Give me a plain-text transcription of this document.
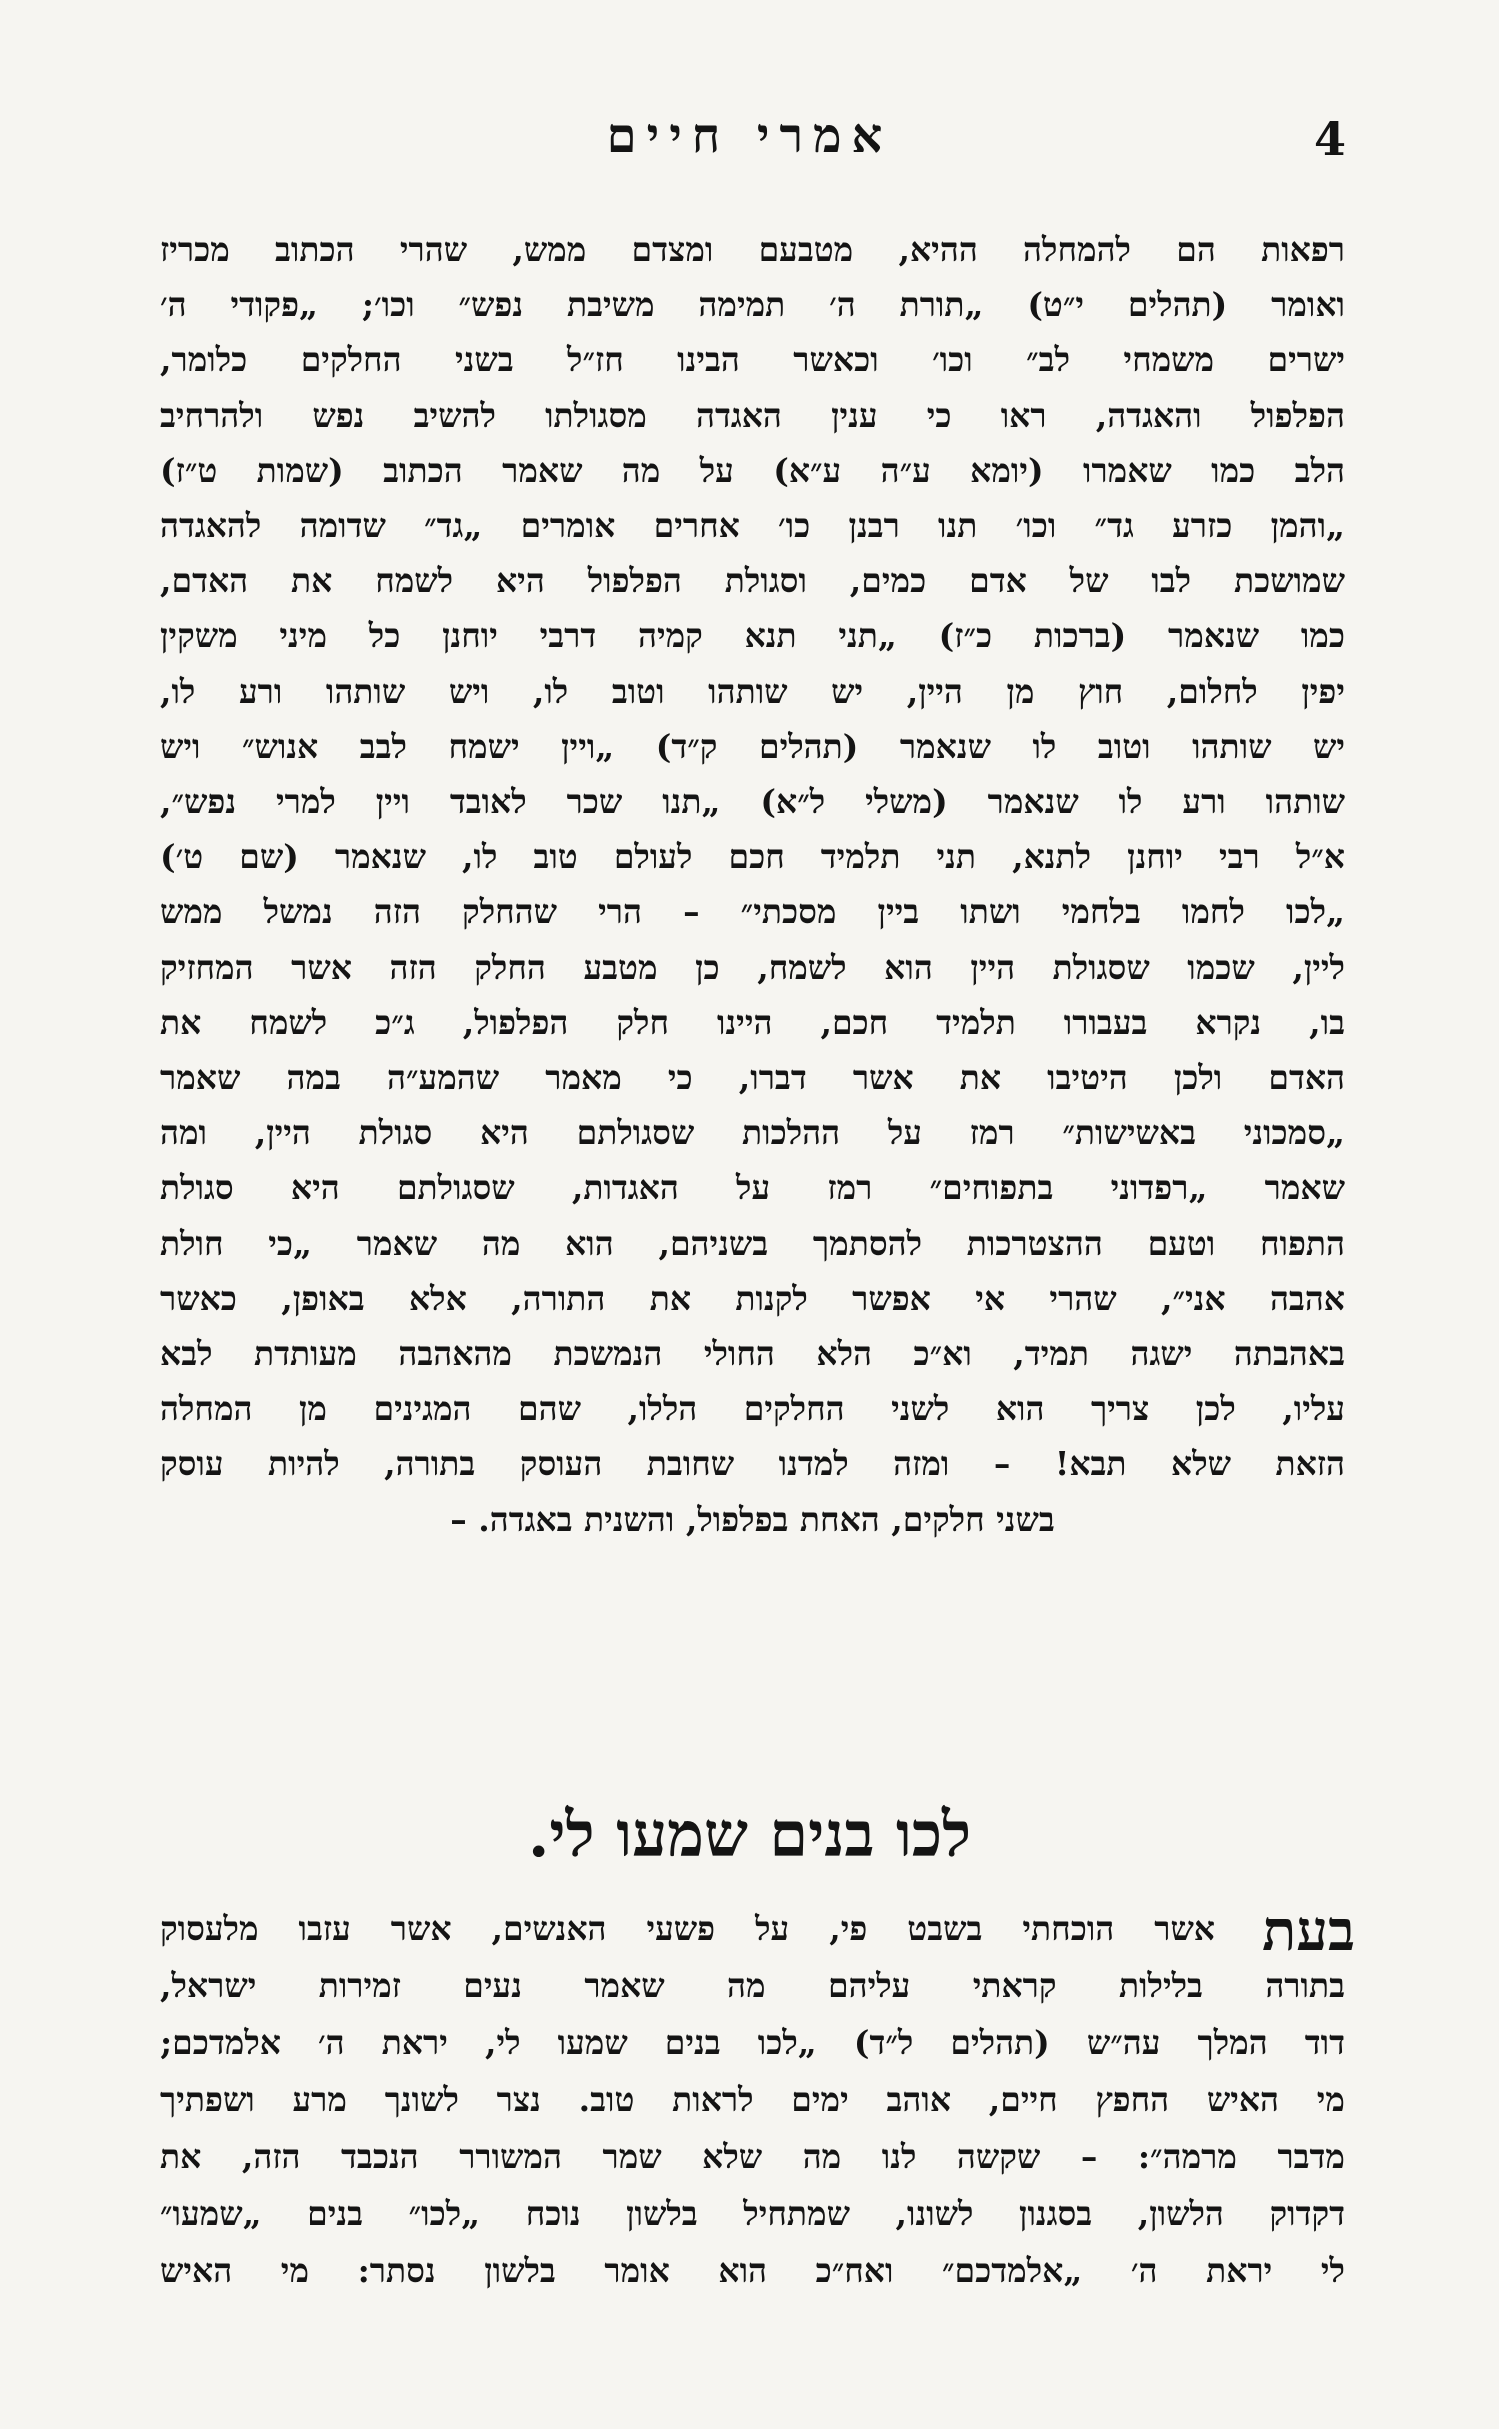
אמרי חיים	4
רפאות הם להמחלה ההיא, מטבעם ומצדם ממש, שהרי הכתוב מכריז
ואומר (תהלים י״ט) „תורת ה׳ תמימה משיבת נפש״ וכו׳; „פקודי ה׳
ישרים משמחי לב״ וכו׳ וכאשר הבינו חז״ל בשני החלקים כלומר,
הפלפול והאגדה, ראו כי ענין האגדה מסגולתו להשיב נפש ולהרחיב
הלב כמו שאמרו (יומא ע״ה ע״א) על מה שאמר הכתוב (שמות ט״ז)
„והמן כזרע גד״ וכו׳ תנו רבנן כו׳ אחרים אומרים „גד״ שדומה להאגדה
שמושכת לבו של אדם כמים, וסגולת הפלפול היא לשמח את האדם,
כמו שנאמר (ברכות כ״ז) „תני תנא קמיה דרבי יוחנן כל מיני משקין
יפין לחלום, חוץ מן היין, יש שותהו וטוב לו, ויש שותהו ורע לו,
יש שותהו וטוב לו שנאמר (תהלים ק״ד) „ויין ישמח לבב אנוש״ ויש
שותהו ורע לו שנאמר (משלי ל״א) „תנו שכר לאובד ויין למרי נפש״,
א״ל רבי יוחנן לתנא, תני תלמיד חכם לעולם טוב לו, שנאמר (שם ט׳)
„לכו לחמו בלחמי ושתו ביין מסכתי״ – הרי שהחלק הזה נמשל ממש
ליין, שכמו שסגולת היין הוא לשמח, כן מטבע החלק הזה אשר המחזיק
בו, נקרא בעבורו תלמיד חכם, היינו חלק הפלפול, ג״כ לשמח את
האדם ולכן היטיבו את אשר דברו, כי מאמר שהמע״ה במה שאמר
„סמכוני באשישות״ רמז על ההלכות שסגולתם היא סגולת היין, ומה
שאמר „רפדוני בתפוחים״ רמז על האגדות, שסגולתם היא סגולת
התפוח וטעם ההצטרכות להסתמך בשניהם, הוא מה שאמר „כי חולת
אהבה אני״, שהרי אי אפשר לקנות את התורה, אלא באופן, כאשר
באהבתה ישגה תמיד, וא״כ הלא החולי הנמשכת מהאהבה מעותדת לבא
עליו, לכן צריך הוא לשני החלקים הללו, שהם המגינים מן המחלה
הזאת שלא תבא! – ומזה למדנו שחובת העוסק בתורה, להיות עוסק
בשני חלקים, האחת בפלפול, והשנית באגדה. –
לכו בנים שמעו לי.
בעת
אשר הוכחתי בשבט פי, על פשעי האנשים, אשר עזבו מלעסוק
בתורה בלילות קראתי עליהם מה שאמר נעים זמירות ישראל,
דוד המלך עה״ש (תהלים ל״ד) „לכו בנים שמעו לי, יראת ה׳ אלמדכם;
מי האיש החפץ חיים, אוהב ימים לראות טוב. נצר לשונך מרע ושפתיך
מדבר מרמה״: – שקשה לנו מה שלא שמר המשורר הנכבד הזה, את
דקדוק הלשון, בסגנון לשונו, שמתחיל בלשון נוכח „לכו״ בנים „שמעו״
לי יראת ה׳ „אלמדכם״ ואח״כ הוא אומר בלשון נסתר: מי האיש
